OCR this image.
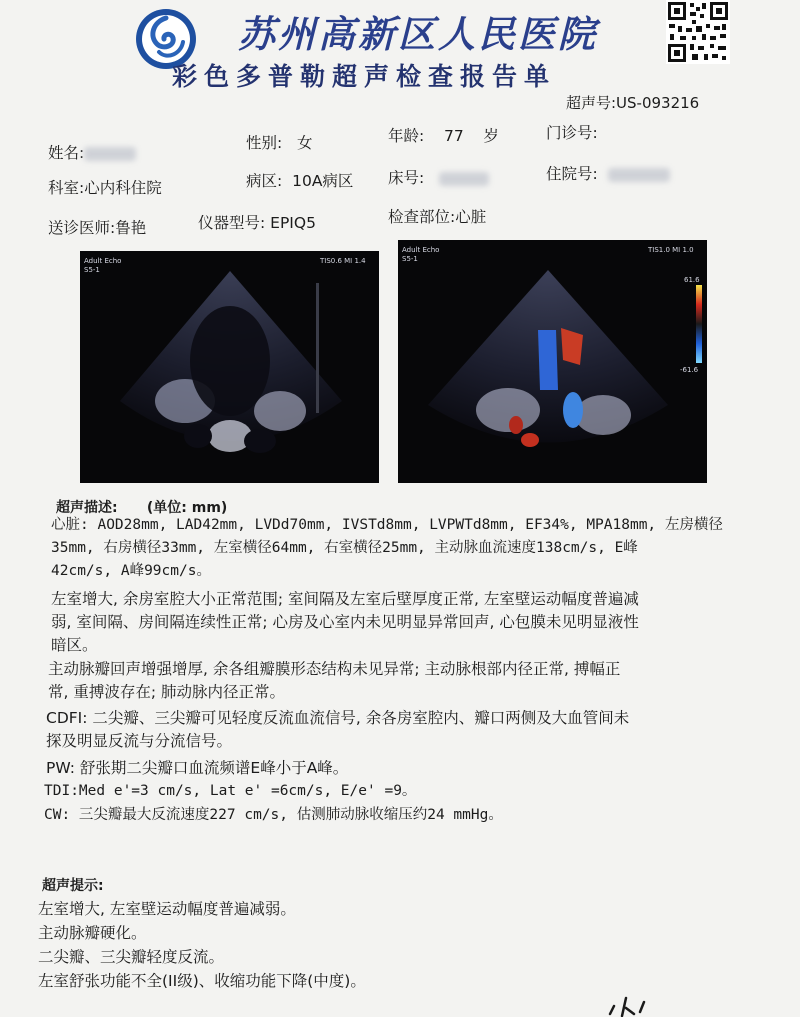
苏州高新区人民医院
彩色多普勒超声检查报告单
超声号:US-093216
姓名:
性别: 女	年龄: 77 岁	门诊号:
科室:心内科住院	病区: 10A病区 床号:	住院号:
送诊医师:鲁艳	仪器型号: EPIQ5	检查部位:心脏
Adult Echo
S5-1
TIS0.6 MI 1.4
Adult Echo
S5-1
TIS1.0 MI 1.0
61.6
-61.6
超声描述: (单位: mm)
心脏: AOD28mm, LAD42mm, LVDd70mm, IVSTd8mm, LVPWTd8mm, EF34%, MPA18mm, 左房横径
35mm, 右房横径33mm, 左室横径64mm, 右室横径25mm, 主动脉血流速度138cm/s, E峰
42cm/s, A峰99cm/s。
左室增大, 余房室腔大小正常范围; 室间隔及左室后壁厚度正常, 左室壁运动幅度普遍减
弱, 室间隔、房间隔连续性正常; 心房及心室内未见明显异常回声, 心包膜未见明显液性
暗区。
主动脉瓣回声增强增厚, 余各组瓣膜形态结构未见异常; 主动脉根部内径正常, 搏幅正
常, 重搏波存在; 肺动脉内径正常。
CDFI: 二尖瓣、三尖瓣可见轻度反流血流信号, 余各房室腔内、瓣口两侧及大血管间未
探及明显反流与分流信号。
PW: 舒张期二尖瓣口血流频谱E峰小于A峰。
TDI:Med e'=3 cm/s, Lat e' =6cm/s, E/e' =9。
CW: 三尖瓣最大反流速度227 cm/s, 估测肺动脉收缩压约24 mmHg。
超声提示:
左室增大, 左室壁运动幅度普遍减弱。
主动脉瓣硬化。
二尖瓣、三尖瓣轻度反流。
左室舒张功能不全(II级)、收缩功能下降(中度)。
